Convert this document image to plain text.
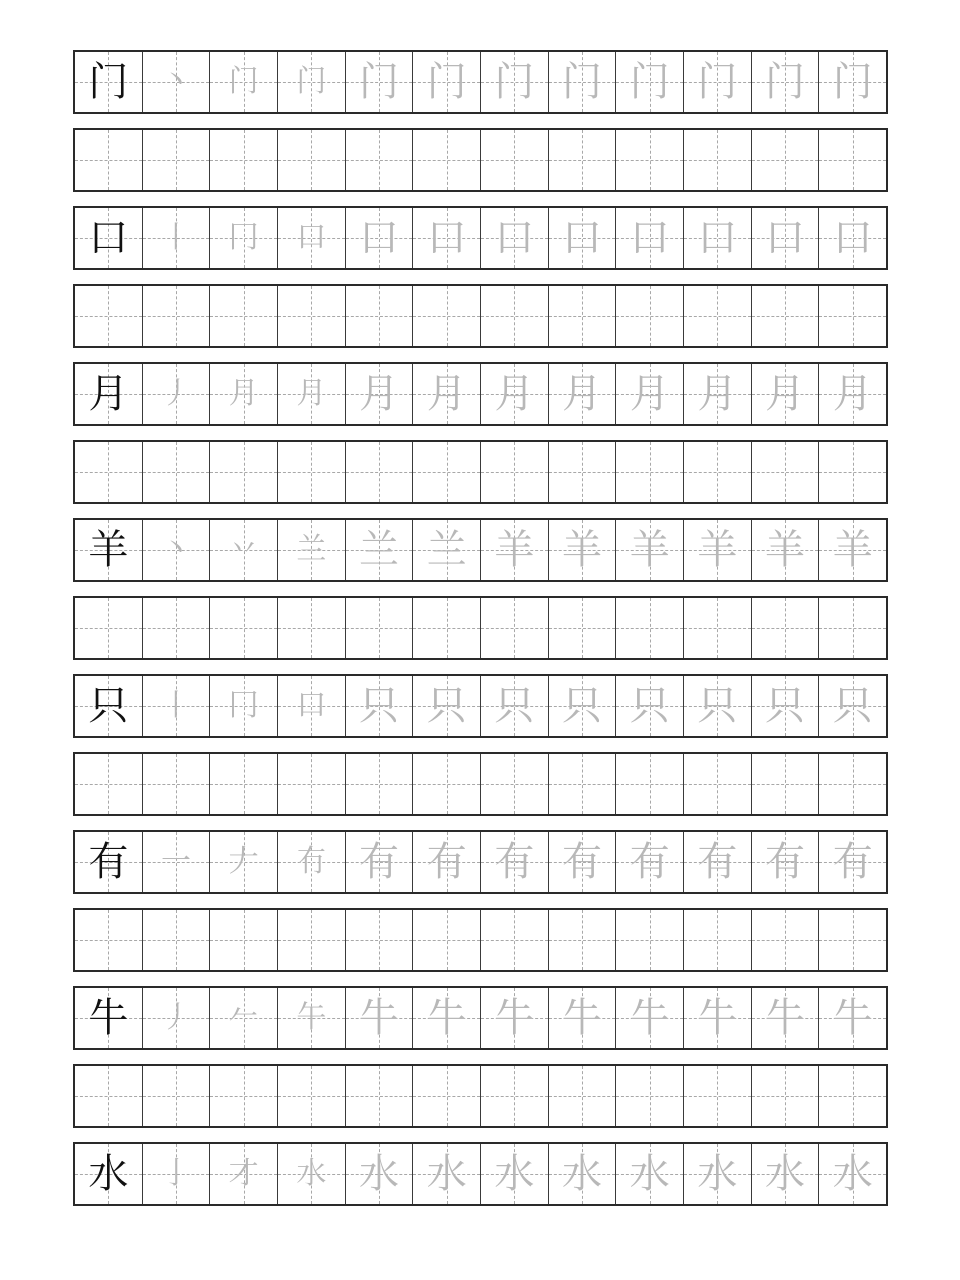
门	丶	门	门 门 门 门 门 门 门 门 门
口	丨	冂	口 口 口 口 口 口 口 口 口
月	丿	月	月 月 月 月 月 月 月 月 月
羊	丶	丷	兰 兰 兰 羊 羊 羊 羊 羊 羊
只	丨	冂	口 只 只 只 只 只 只 只 只
有	一	𠂇	冇 有 有 有 有 有 有 有 有
牛	丿	𠂉	午 牛 牛 牛 牛 牛 牛 牛 牛
水	亅	才	水 水 水 水 水 水 水 水 水
